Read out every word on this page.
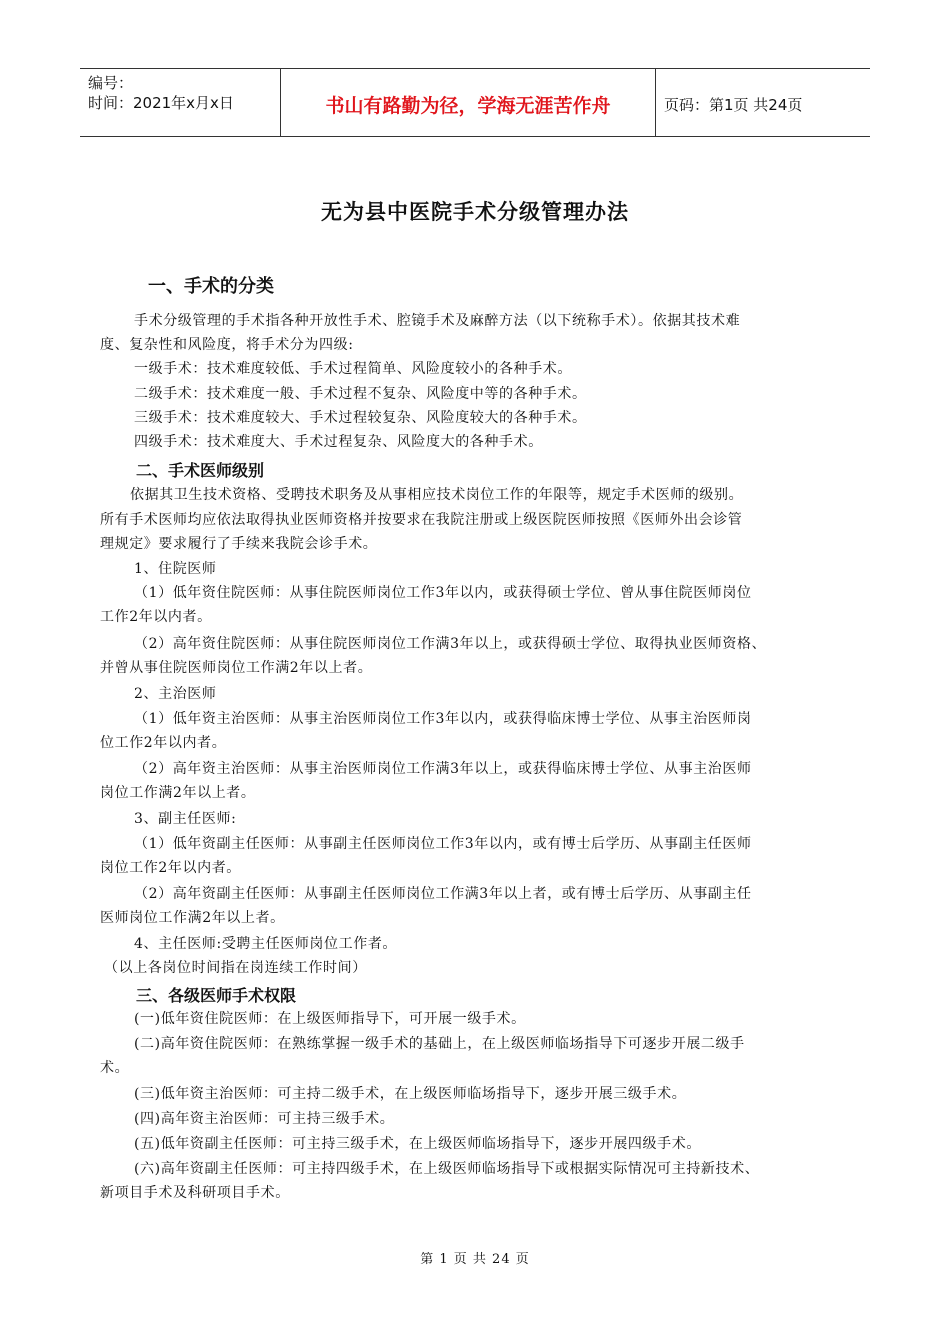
编号：
时间：2021年x月x日	书山有路勤为径，学海无涯苦作舟	页码：第1页 共24页
无为县中医院手术分级管理办法
一、手术的分类
手术分级管理的手术指各种开放性手术、腔镜手术及麻醉方法（以下统称手术）。依据其技术难
度、复杂性和风险度，将手术分为四级:
一级手术：技术难度较低、手术过程简单、风险度较小的各种手术。
二级手术：技术难度一般、手术过程不复杂、风险度中等的各种手术。
三级手术：技术难度较大、手术过程较复杂、风险度较大的各种手术。
四级手术：技术难度大、手术过程复杂、风险度大的各种手术。
二、手术医师级别
依据其卫生技术资格、受聘技术职务及从事相应技术岗位工作的年限等，规定手术医师的级别。
所有手术医师均应依法取得执业医师资格并按要求在我院注册或上级医院医师按照《医师外出会诊管
理规定》要求履行了手续来我院会诊手术。
1、住院医师
（1）低年资住院医师：从事住院医师岗位工作3年以内，或获得硕士学位、曾从事住院医师岗位
工作2年以内者。
（2）高年资住院医师：从事住院医师岗位工作满3年以上，或获得硕士学位、取得执业医师资格、
并曾从事住院医师岗位工作满2年以上者。
2、主治医师
（1）低年资主治医师：从事主治医师岗位工作3年以内，或获得临床博士学位、从事主治医师岗
位工作2年以内者。
（2）高年资主治医师：从事主治医师岗位工作满3年以上，或获得临床博士学位、从事主治医师
岗位工作满2年以上者。
3、副主任医师:
（1）低年资副主任医师：从事副主任医师岗位工作3年以内，或有博士后学历、从事副主任医师
岗位工作2年以内者。
（2）高年资副主任医师：从事副主任医师岗位工作满3年以上者，或有博士后学历、从事副主任
医师岗位工作满2年以上者。
4、主任医师:受聘主任医师岗位工作者。
（以上各岗位时间指在岗连续工作时间）
三、各级医师手术权限
(一)低年资住院医师：在上级医师指导下，可开展一级手术。
(二)高年资住院医师：在熟练掌握一级手术的基础上，在上级医师临场指导下可逐步开展二级手
术。
(三)低年资主治医师：可主持二级手术，在上级医师临场指导下，逐步开展三级手术。
(四)高年资主治医师：可主持三级手术。
(五)低年资副主任医师：可主持三级手术，在上级医师临场指导下，逐步开展四级手术。
(六)高年资副主任医师：可主持四级手术，在上级医师临场指导下或根据实际情况可主持新技术、
新项目手术及科研项目手术。
第 1 页 共 24 页
